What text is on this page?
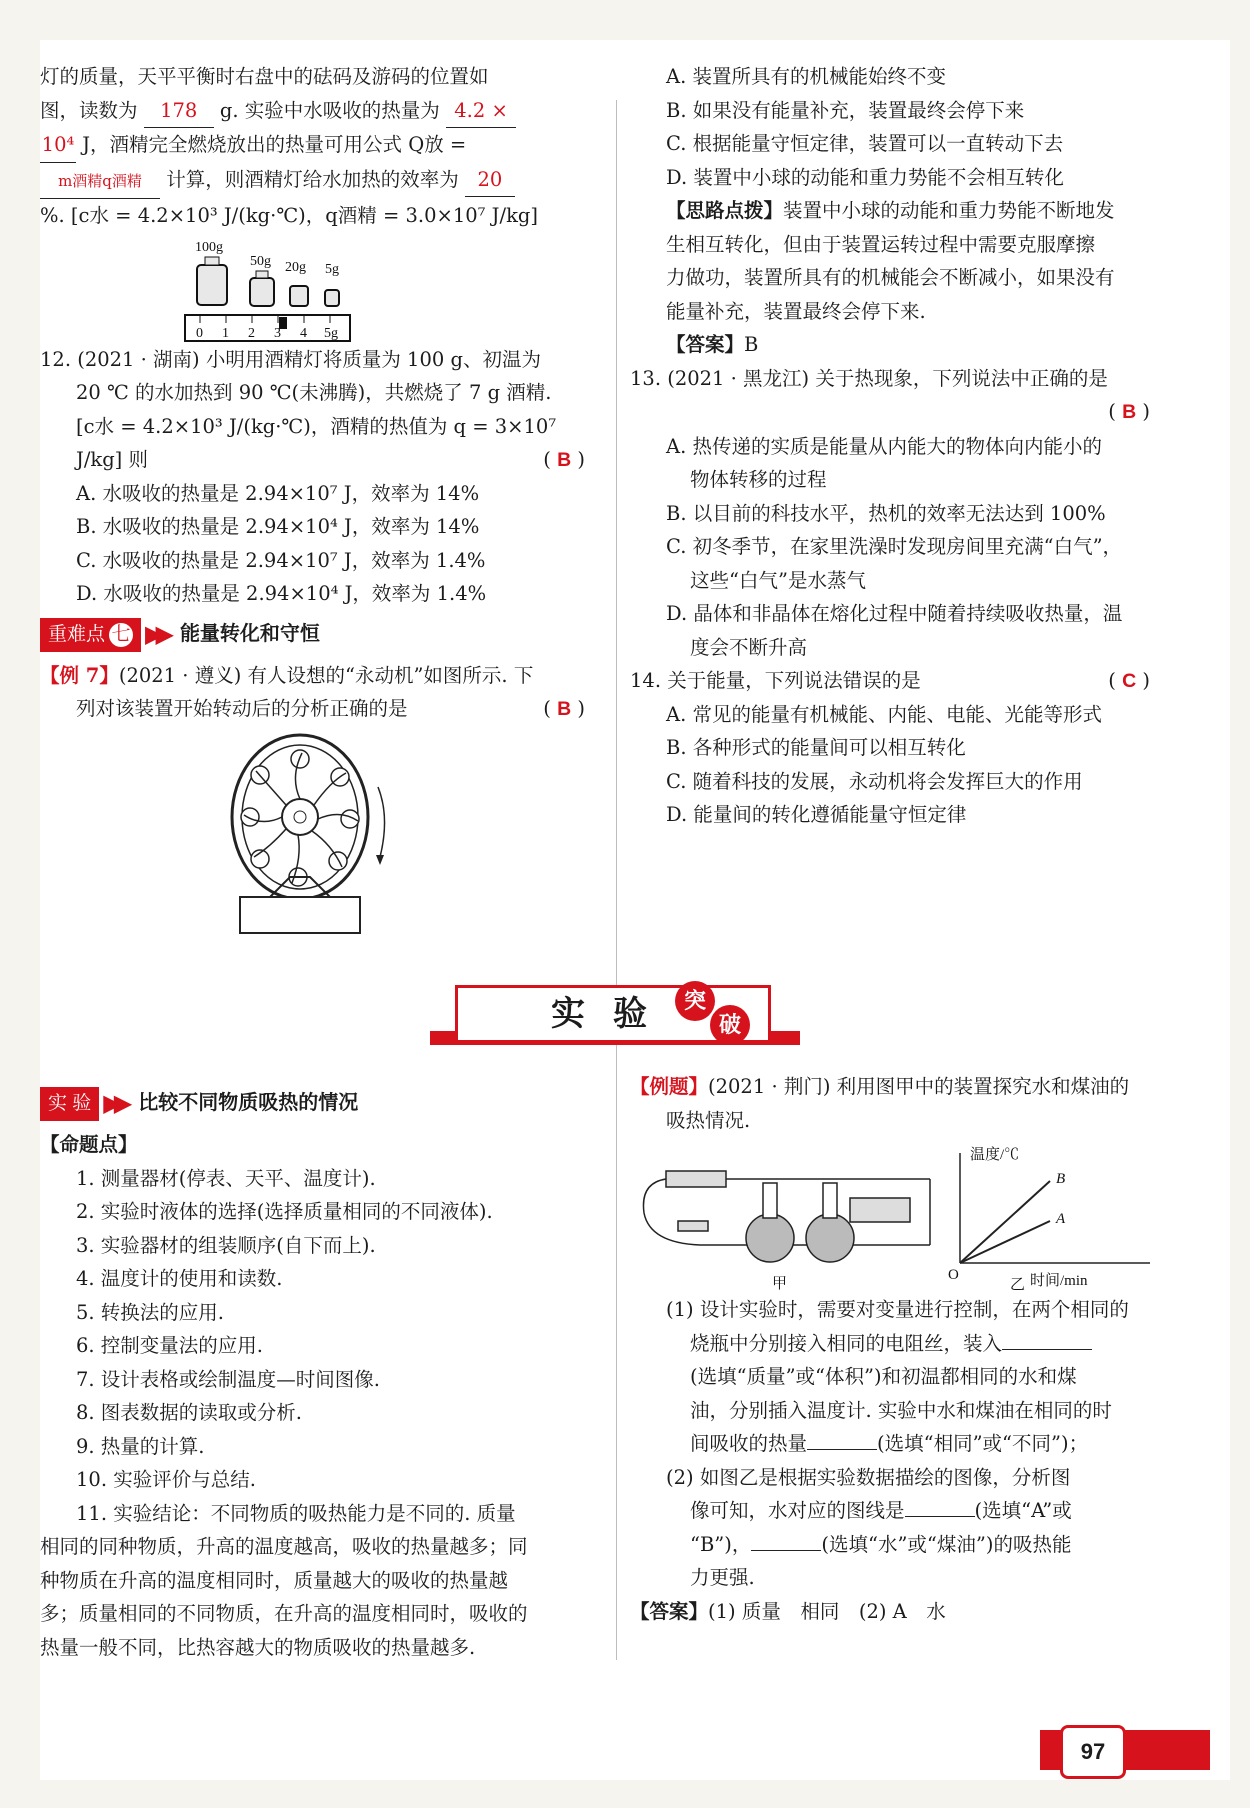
灯的质量，天平平衡时右盘中的砝码及游码的位置如

图，读数为 178 g. 实验中水吸收的热量为 4.2 ×

10⁴ J，酒精完全燃烧放出的热量可用公式 Q放 =

m酒精q酒精 计算，则酒精灯给水加热的效率为 20

%. [c水 = 4.2×10³ J/(kg·℃)，q酒精 = 3.0×10⁷ J/kg]

100g
50g 20g 5g
0 1 2 3 4 5g

12. (2021 · 湖南) 小明用酒精灯将质量为 100 g、初温为

20 ℃ 的水加热到 90 ℃(未沸腾)，共燃烧了 7 g 酒精.

[c水 = 4.2×10³ J/(kg·℃)，酒精的热值为 q = 3×10⁷

J/kg] 则	( B )

A. 水吸收的热量是 2.94×10⁷ J，效率为 14%

B. 水吸收的热量是 2.94×10⁴ J，效率为 14%

C. 水吸收的热量是 2.94×10⁷ J，效率为 1.4%

D. 水吸收的热量是 2.94×10⁴ J，效率为 1.4%

重难点 七 ▶▶ 能量转化和守恒

【例 7】(2021 · 遵义) 有人设想的“永动机”如图所示. 下

列对该装置开始转动后的分析正确的是	( B )

实验 突
破
实 验 ▶▶ 比较不同物质吸热的情况

【命题点】

1. 测量器材(停表、天平、温度计).

2. 实验时液体的选择(选择质量相同的不同液体).

3. 实验器材的组装顺序(自下而上).

4. 温度计的使用和读数.

5. 转换法的应用.

6. 控制变量法的应用.

7. 设计表格或绘制温度—时间图像.

8. 图表数据的读取或分析.

9. 热量的计算.

10. 实验评价与总结.

11. 实验结论：不同物质的吸热能力是不同的. 质量

相同的同种物质，升高的温度越高，吸收的热量越多；同

种物质在升高的温度相同时，质量越大的吸收的热量越

多；质量相同的不同物质，在升高的温度相同时，吸收的

热量一般不同，比热容越大的物质吸收的热量越多.

A. 装置所具有的机械能始终不变

B. 如果没有能量补充，装置最终会停下来

C. 根据能量守恒定律，装置可以一直转动下去

D. 装置中小球的动能和重力势能不会相互转化

【思路点拨】装置中小球的动能和重力势能不断地发

生相互转化，但由于装置运转过程中需要克服摩擦

力做功，装置所具有的机械能会不断减小，如果没有

能量补充，装置最终会停下来.

【答案】B

13. (2021 · 黑龙江) 关于热现象，下列说法中正确的是

( B )

A. 热传递的实质是能量从内能大的物体向内能小的

物体转移的过程

B. 以目前的科技水平，热机的效率无法达到 100%

C. 初冬季节，在家里洗澡时发现房间里充满“白气”，

这些“白气”是水蒸气

D. 晶体和非晶体在熔化过程中随着持续吸收热量，温

度会不断升高

14. 关于能量，下列说法错误的是	( C )

A. 常见的能量有机械能、内能、电能、光能等形式

B. 各种形式的能量间可以相互转化

C. 随着科技的发展，永动机将会发挥巨大的作用

D. 能量间的转化遵循能量守恒定律

【例题】(2021 · 荆门) 利用图甲中的装置探究水和煤油的

吸热情况.

温度/℃
时间/min
O
B
A
甲	乙

(1) 设计实验时，需要对变量进行控制，在两个相同的

烧瓶中分别接入相同的电阻丝，装入

(选填“质量”或“体积”)和初温都相同的水和煤

油，分别插入温度计. 实验中水和煤油在相同的时

间吸收的热量	(选填“相同”或“不同”)；

(2) 如图乙是根据实验数据描绘的图像，分析图

像可知，水对应的图线是	(选填“A”或

“B”)，	(选填“水”或“煤油”)的吸热能

力更强.

【答案】(1) 质量　相同　(2) A　水

97
